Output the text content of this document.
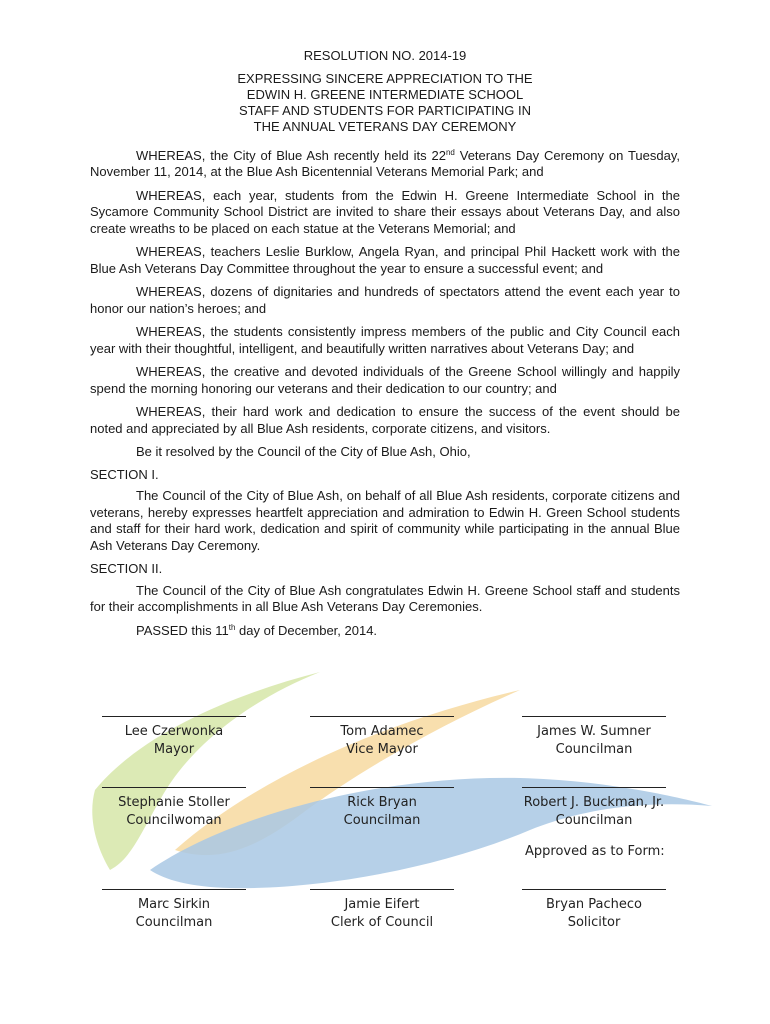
RESOLUTION NO. 2014-19
EXPRESSING SINCERE APPRECIATION TO THE
EDWIN H. GREENE INTERMEDIATE SCHOOL
STAFF AND STUDENTS FOR PARTICIPATING IN
THE ANNUAL VETERANS DAY CEREMONY

WHEREAS, the City of Blue Ash recently held its 22nd Veterans Day Ceremony on Tuesday, November 11, 2014, at the Blue Ash Bicentennial Veterans Memorial Park; and

WHEREAS, each year, students from the Edwin H. Greene Intermediate School in the Sycamore Community School District are invited to share their essays about Veterans Day, and also create wreaths to be placed on each statue at the Veterans Memorial; and

WHEREAS, teachers Leslie Burklow, Angela Ryan, and principal Phil Hackett work with the Blue Ash Veterans Day Committee throughout the year to ensure a successful event; and

WHEREAS, dozens of dignitaries and hundreds of spectators attend the event each year to honor our nation’s heroes; and

WHEREAS, the students consistently impress members of the public and City Council each year with their thoughtful, intelligent, and beautifully written narratives about Veterans Day; and

WHEREAS, the creative and devoted individuals of the Greene School willingly and happily spend the morning honoring our veterans and their dedication to our country; and

WHEREAS, their hard work and dedication to ensure the success of the event should be noted and appreciated by all Blue Ash residents, corporate citizens, and visitors.

Be it resolved by the Council of the City of Blue Ash, Ohio,
SECTION I.

The Council of the City of Blue Ash, on behalf of all Blue Ash residents, corporate citizens and veterans, hereby expresses heartfelt appreciation and admiration to Edwin H. Green School students and staff for their hard work, dedication and spirit of community while participating in the annual Blue Ash Veterans Day Ceremony.

SECTION II.

The Council of the City of Blue Ash congratulates Edwin H. Greene School staff and students for their accomplishments in all Blue Ash Veterans Day Ceremonies.

PASSED this 11th day of December, 2014.
Lee Czerwonka
Mayor
Tom Adamec
Vice Mayor
James W. Sumner
Councilman
Stephanie Stoller
Councilwoman
Rick Bryan
Councilman
Robert J. Buckman, Jr.
Councilman
Approved as to Form:
Marc Sirkin
Councilman
Jamie Eifert
Clerk of Council
Bryan Pacheco
Solicitor
